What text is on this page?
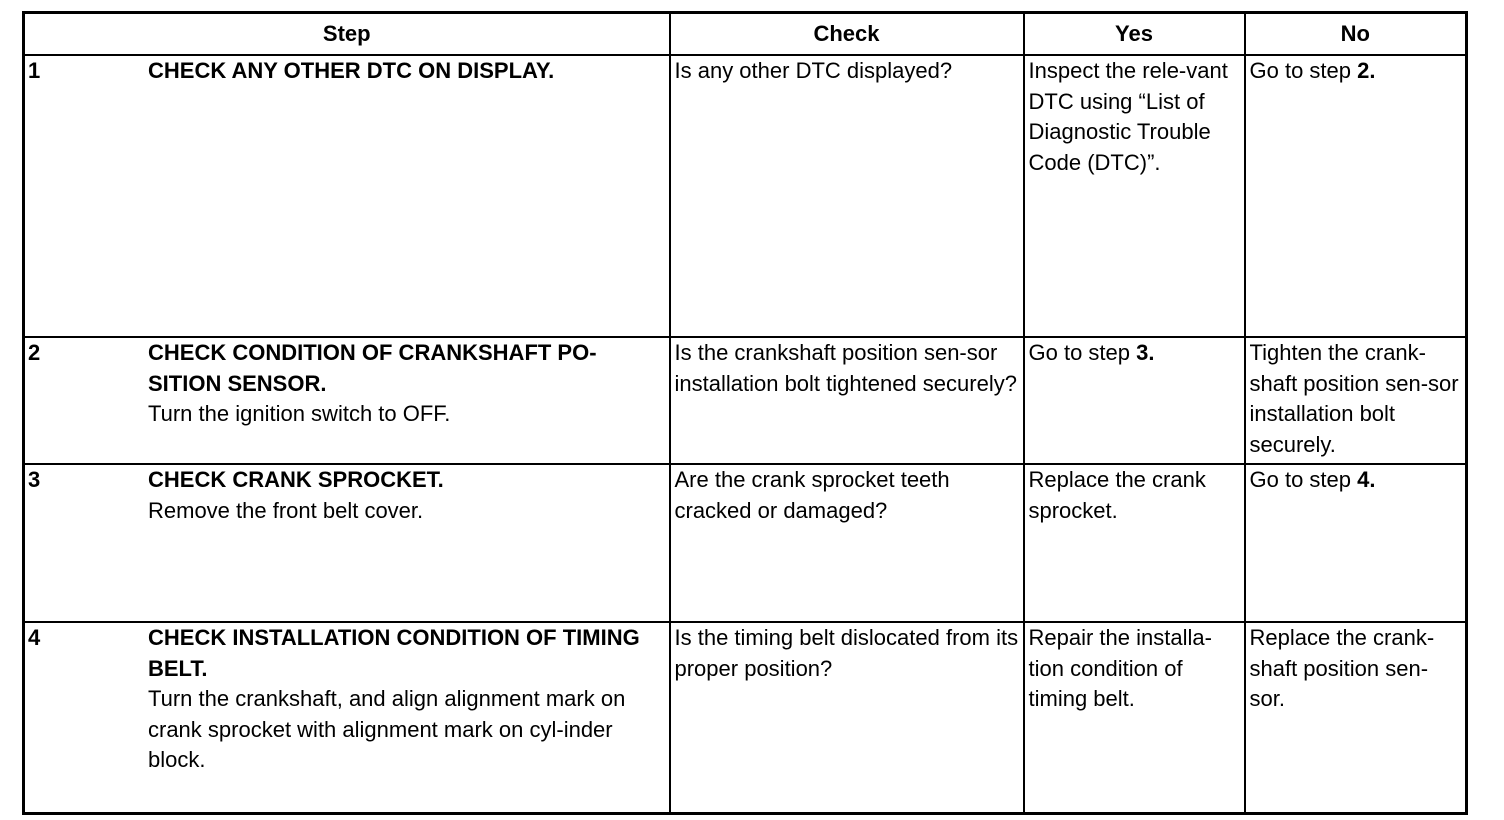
Step	Check	Yes	No

1 CHECK ANY OTHER DTC ON DISPLAY.	Is any other DTC displayed?	Inspect the rele-vant DTC using “List of Diagnostic Trouble Code (DTC)”.	Go to step 2.

2 CHECK CONDITION OF CRANKSHAFT PO-SITION SENSOR.
Turn the ignition switch to OFF.	Is the crankshaft position sen-sor installation bolt tightened securely?	Go to step 3.	Tighten the crank-shaft position sen-sor installation bolt securely.

3 CHECK CRANK SPROCKET.
Remove the front belt cover.	Are the crank sprocket teeth cracked or damaged?	Replace the crank sprocket.	Go to step 4.

4 CHECK INSTALLATION CONDITION OF TIMING BELT.
Turn the crankshaft, and align alignment mark on crank sprocket with alignment mark on cyl-inder block.	Is the timing belt dislocated from its proper position?	Repair the installa-tion condition of timing belt.	Replace the crank-shaft position sen-sor.
